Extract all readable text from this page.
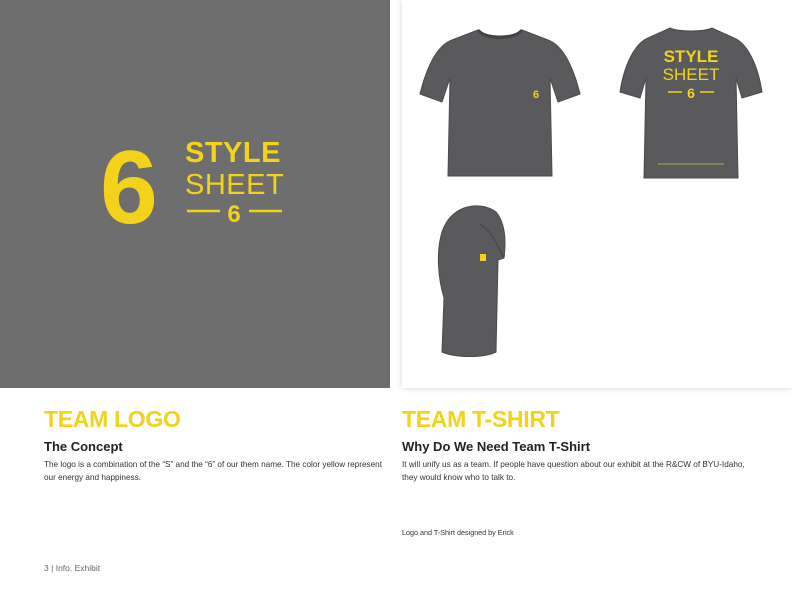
6 STYLE
SHEET
6
6
STYLE
SHEET
6
TEAM LOGO
The Concept

The logo is a combination of the “S” and the “6” of our them name. The color yellow represent our energy and happiness.

TEAM T-SHIRT
Why Do We Need Team T-Shirt

It will unify us as a team. If people have question about our exhibit at the R&CW of BYU-Idaho, they would know who to talk to.

Logo and T-Shirt designed by Erick
3 | Info. Exhibit
